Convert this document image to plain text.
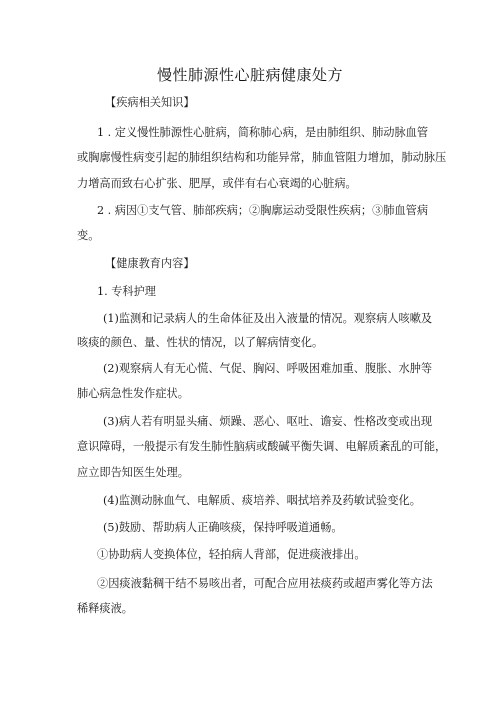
慢性肺源性心脏病健康处方
【疾病相关知识】
1 . 定义慢性肺源性心脏病，简称肺心病，是由肺组织、肺动脉血管
或胸廓慢性病变引起的肺组织结构和功能异常，肺血管阻力增加，肺动脉压
力增高而致右心扩张、肥厚，或伴有右心衰竭的心脏病。
2 . 病因①支气管、肺部疾病；②胸廓运动受限性疾病；③肺血管病
变。
【健康教育内容】
1. 专科护理
(1)监测和记录病人的生命体征及出入液量的情况。观察病人咳嗽及
咳痰的颜色、量、性状的情况，以了解病情变化。
(2)观察病人有无心慌、气促、胸闷、呼吸困难加重、腹胀、水肿等
肺心病急性发作症状。
(3)病人若有明显头痛、烦躁、恶心、呕吐、谵妄、性格改变或出现
意识障碍，一般提示有发生肺性脑病或酸碱平衡失调、电解质紊乱的可能，
应立即告知医生处理。
(4)监测动脉血气、电解质、痰培养、咽拭培养及药敏试验变化。
(5)鼓励、帮助病人正确咳痰，保持呼吸道通畅。
①协助病人变换体位，轻拍病人背部，促进痰液排出。
②因痰液黏稠干结不易咳出者，可配合应用祛痰药或超声雾化等方法
稀释痰液。
